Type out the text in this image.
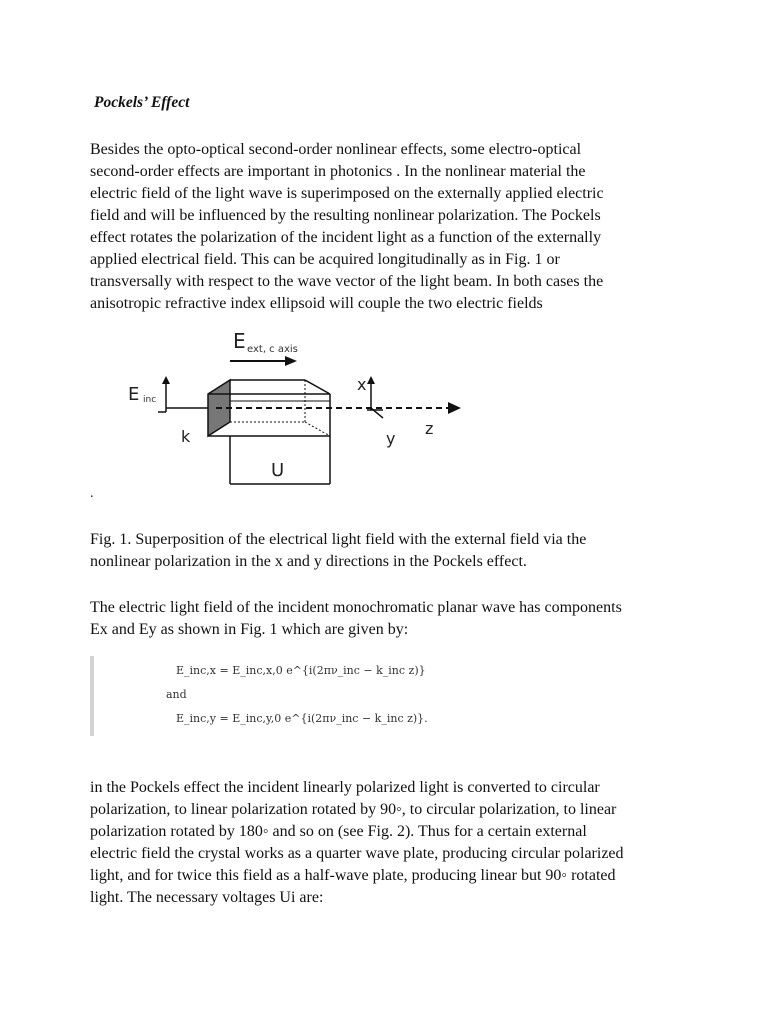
Pockels’ Effect

Besides the opto-optical second-order nonlinear effects, some electro-optical
second-order effects are important in photonics . In the nonlinear material the
electric field of the light wave is superimposed on the externally applied electric
field and will be influenced by the resulting nonlinear polarization. The Pockels
effect rotates the polarization of the incident light as a function of the externally
applied electrical field. This can be acquired longitudinally as in Fig. 1 or
transversally with respect to the wave vector of the light beam. In both cases the
anisotropic refractive index ellipsoid will couple the two electric fields

E ext, c axis
E inc
k
x
y
z
U
.

Fig. 1. Superposition of the electrical light field with the external field via the
nonlinear polarization in the x and y directions in the Pockels effect.

The electric light field of the incident monochromatic planar wave has components
Ex and Ey as shown in Fig. 1 which are given by:

E_inc,x = E_inc,x,0 e^{i(2πν_inc − k_inc z)}
and
E_inc,y = E_inc,y,0 e^{i(2πν_inc − k_inc z)}.

in the Pockels effect the incident linearly polarized light is converted to circular
polarization, to linear polarization rotated by 90◦, to circular polarization, to linear
polarization rotated by 180◦ and so on (see Fig. 2). Thus for a certain external
electric field the crystal works as a quarter wave plate, producing circular polarized
light, and for twice this field as a half-wave plate, producing linear but 90◦ rotated
light. The necessary voltages Ui are:
